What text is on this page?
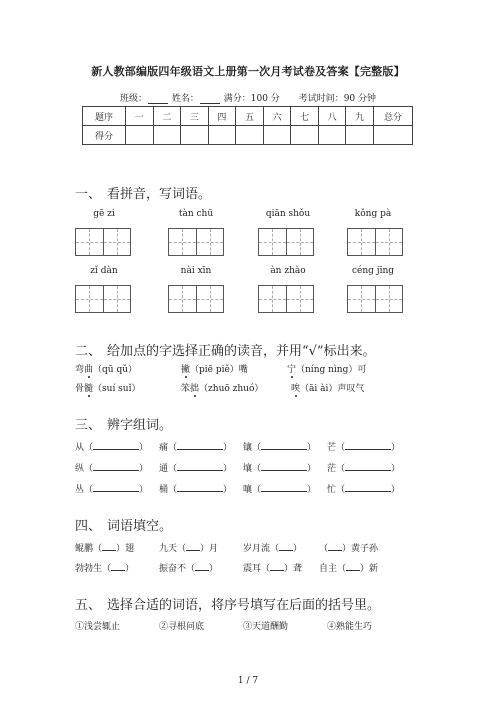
新人教部编版四年级语文上册第一次月考试卷及答案【完整版】
班级：	姓名：	满分：100 分 考试时间：90 分钟
题序	一	二	三	四	五	六	七	八	九	总分
得分										
一、 看拼音，写词语。
gē zi	tàn chū	qiān shǒu	kǒng pà
zǐ dàn	nài xīn	àn zhào	céng jīng
二、 给加点的字选择正确的读音，并用“√”标出来。
弯曲（qū qǔ）	撇（piē piě）嘴	宁（níng nìng）可
骨髓（suí suǐ）	笨拙（zhuō zhuó）	唉（āi ài）声叹气
三、 辨字组词。
从（	） 痛（	） 镶（	） 芒（	）
纵（	） 通（	） 壤（	） 茫（	）
丛（	） 桶（	） 嚷（	） 忙（	）
四、 词语填空。
鲲鹏（ ）翅	九天（ ）月	岁月流（ ） （ ）黄子孙
勃勃生（ ）	振奋不（ ）	震耳（ ）聋 自主（ ）新
五、 选择合适的词语，将序号填写在后面的括号里。
①浅尝辄止	②寻根问底	③天道酬勤	④熟能生巧
1 / 7
